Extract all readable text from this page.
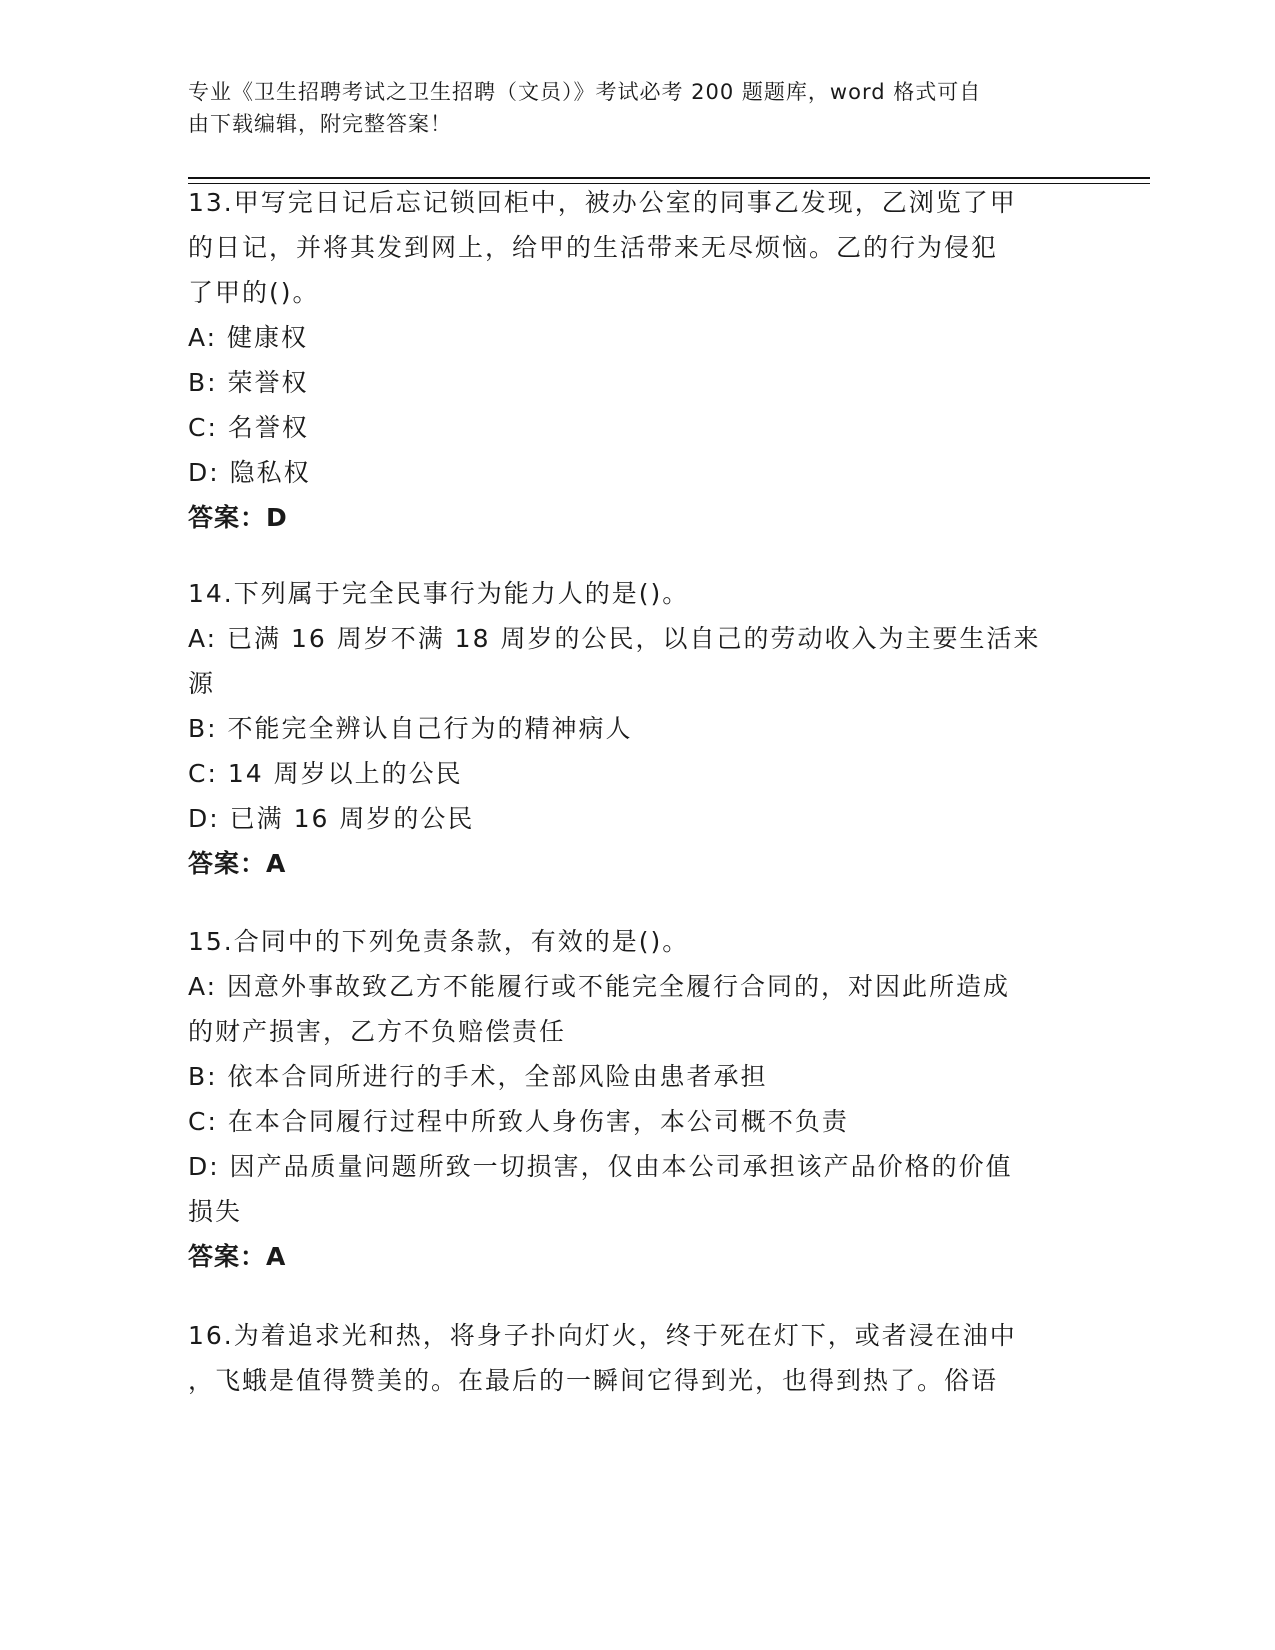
专业《卫生招聘考试之卫生招聘（文员）》考试必考 200 题题库，word 格式可自
由下载编辑，附完整答案！
13.甲写完日记后忘记锁回柜中，被办公室的同事乙发现，乙浏览了甲
的日记，并将其发到网上，给甲的生活带来无尽烦恼。乙的行为侵犯
了甲的()。
A: 健康权
B: 荣誉权
C: 名誉权
D: 隐私权
答案：D
14.下列属于完全民事行为能力人的是()。
A: 已满 16 周岁不满 18 周岁的公民，以自己的劳动收入为主要生活来
源
B: 不能完全辨认自己行为的精神病人
C: 14 周岁以上的公民
D: 已满 16 周岁的公民
答案：A
15.合同中的下列免责条款，有效的是()。
A: 因意外事故致乙方不能履行或不能完全履行合同的，对因此所造成
的财产损害，乙方不负赔偿责任
B: 依本合同所进行的手术，全部风险由患者承担
C: 在本合同履行过程中所致人身伤害，本公司概不负责
D: 因产品质量问题所致一切损害，仅由本公司承担该产品价格的价值
损失
答案：A
16.为着追求光和热，将身子扑向灯火，终于死在灯下，或者浸在油中
，飞蛾是值得赞美的。在最后的一瞬间它得到光，也得到热了。俗语
